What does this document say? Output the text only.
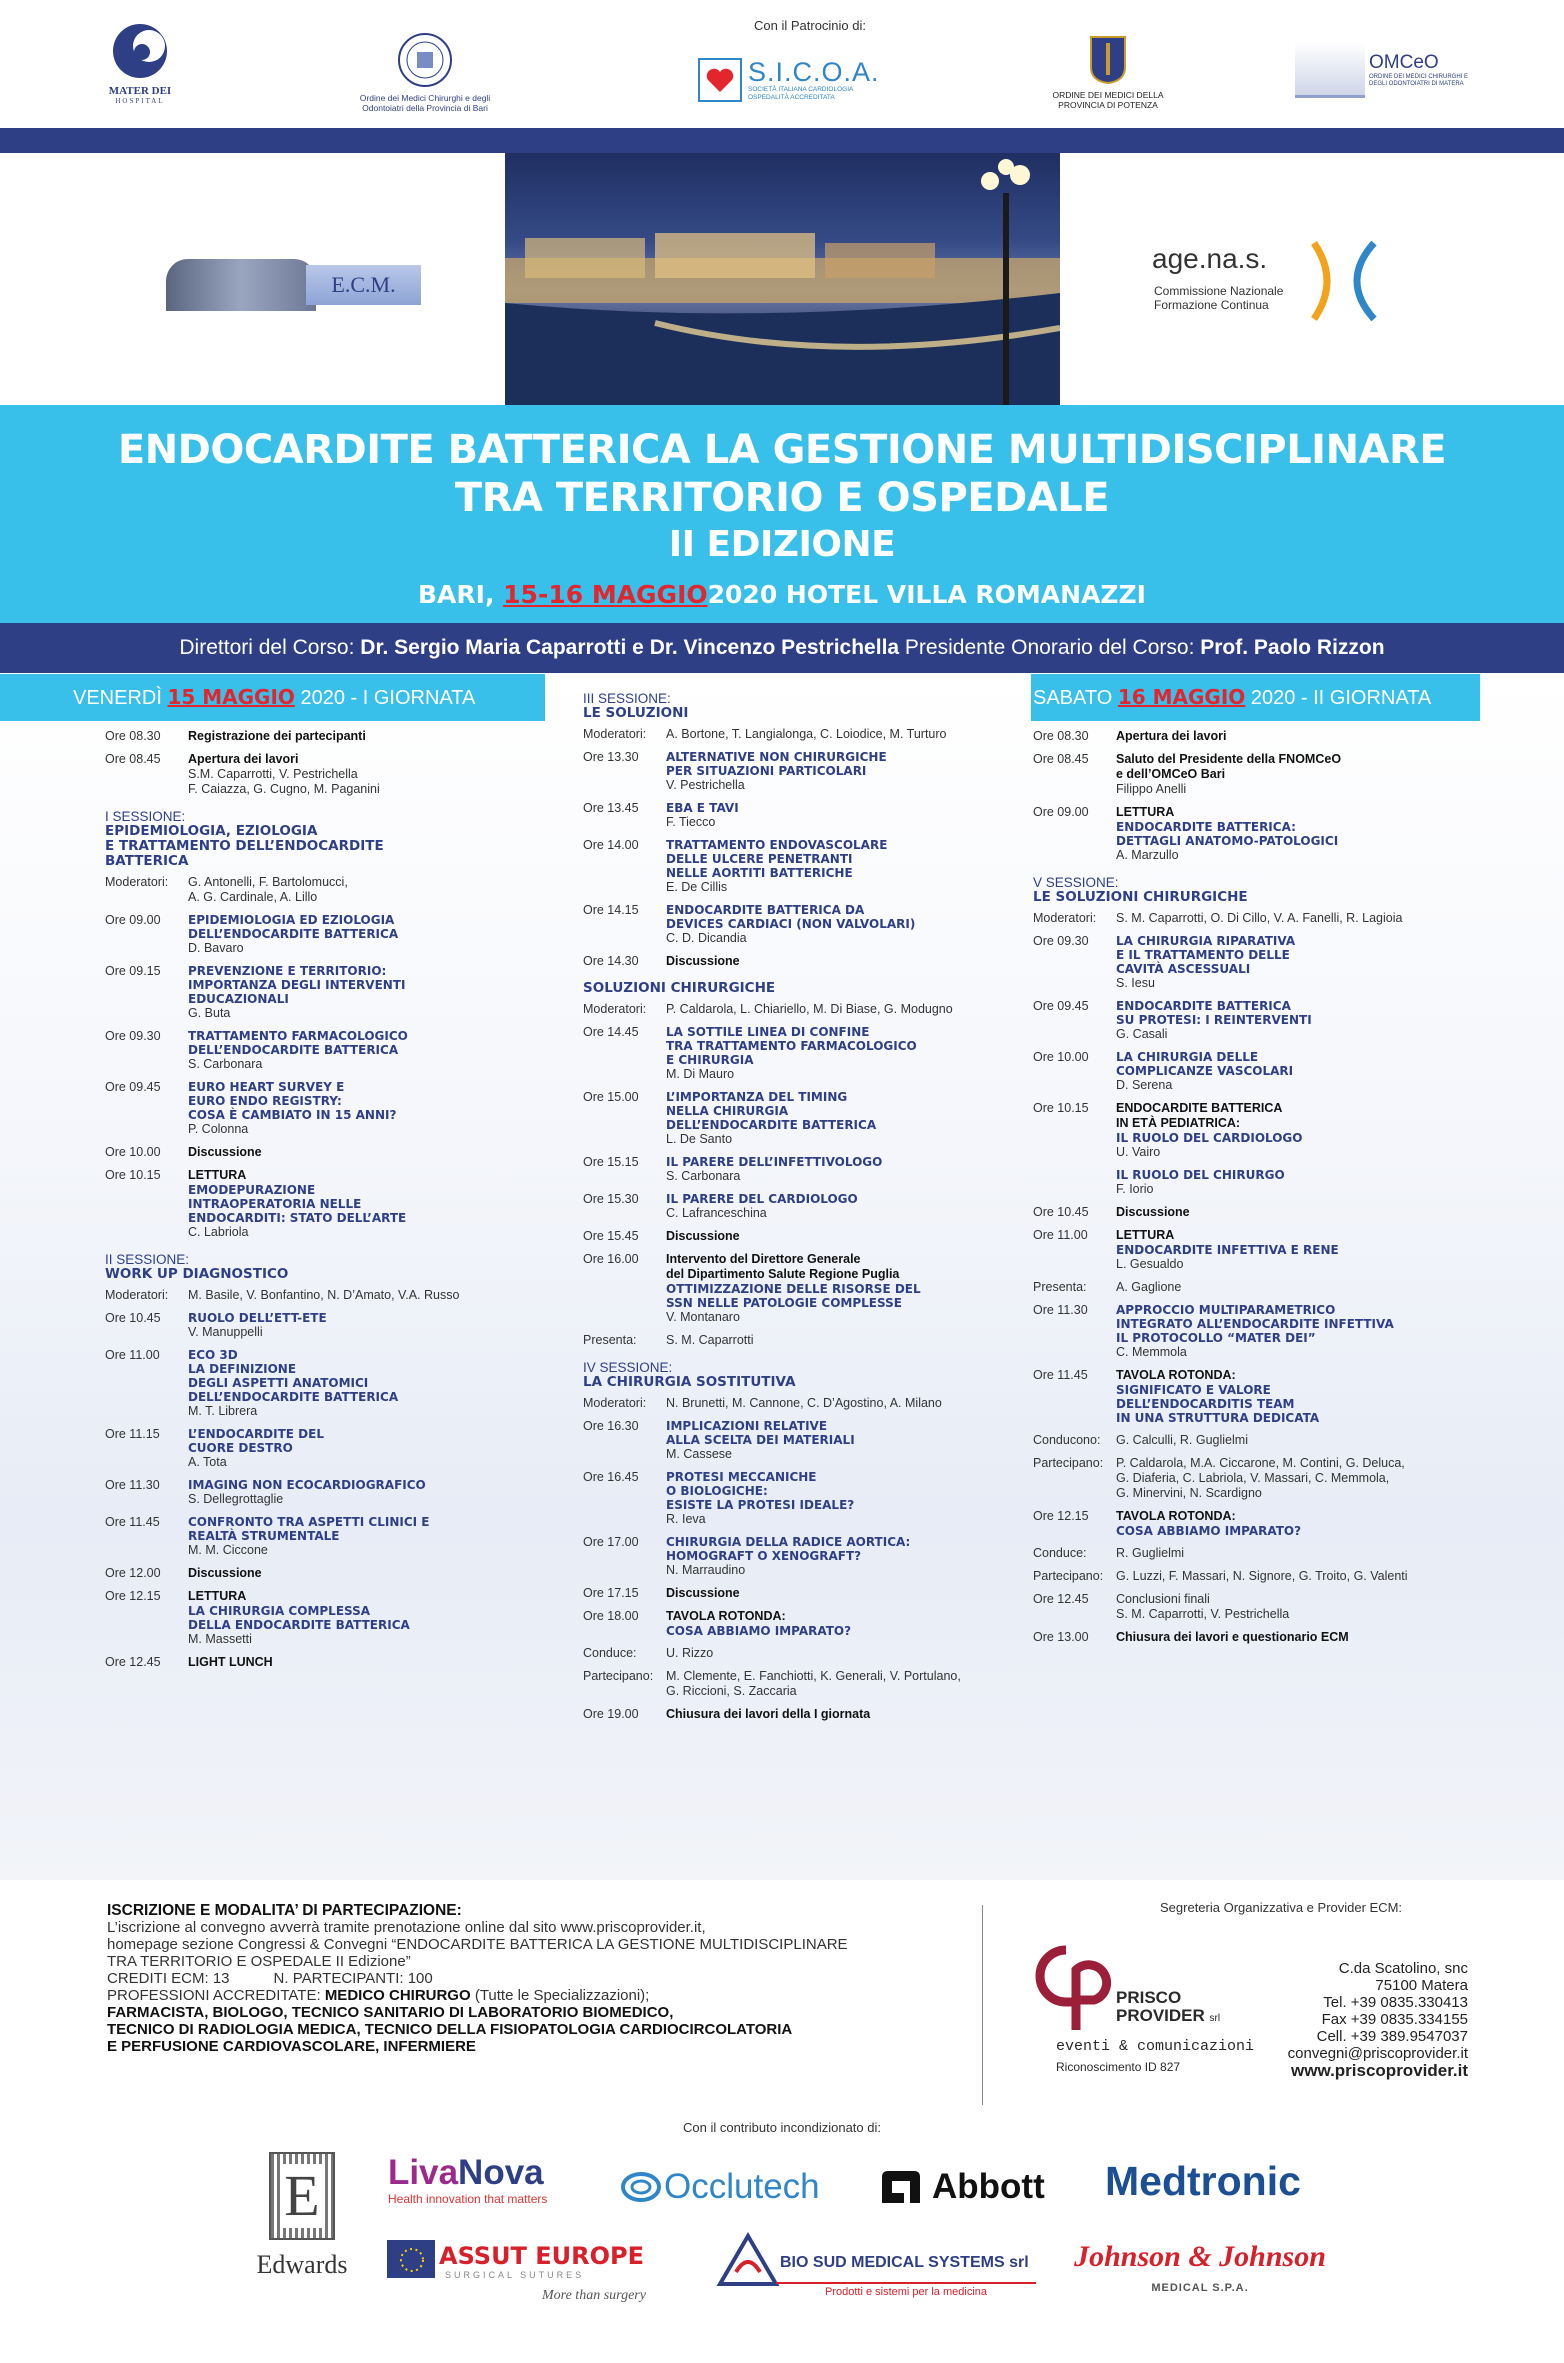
MATER DEI
HOSPITAL	Ordine dei Medici Chirurghi e degli Odontoiatri della Provincia di Bari
Con il Patrocinio di:
S.I.C.O.A.
SOCIETÀ ITALIANA CARDIOLOGIA OSPEDALITÀ ACCREDITATA	ORDINE DEI MEDICI DELLA PROVINCIA DI POTENZA
OMCeO
ORDINE DEI MEDICI CHIRURGHI E DEGLI ODONTOIATRI DI MATERA
E.C.M.
age.na.s.
Commissione Nazionale
Formazione Continua
ENDOCARDITE BATTERICA LA GESTIONE MULTIDISCIPLINARE
TRA TERRITORIO E OSPEDALE
II EDIZIONE
BARI, 15-16 MAGGIO2020 HOTEL VILLA ROMANAZZI
Direttori del Corso: Dr. Sergio Maria Caparrotti e Dr. Vincenzo Pestrichella Presidente Onorario del Corso: Prof. Paolo Rizzon
VENERDÌ 15 MAGGIO 2020 - I GIORNATA
Ore 08.30	Registrazione dei partecipanti
Ore 08.45	Apertura dei lavori
S.M. Caparrotti, V. Pestrichella
F. Caiazza, G. Cugno, M. Paganini
I SESSIONE:
EPIDEMIOLOGIA, EZIOLOGIA
E TRATTAMENTO DELL’ENDOCARDITE
BATTERICA
Moderatori:	G. Antonelli, F. Bartolomucci,
A. G. Cardinale, A. Lillo
Ore 09.00	EPIDEMIOLOGIA ED EZIOLOGIA
DELL’ENDOCARDITE BATTERICA
D. Bavaro
Ore 09.15	PREVENZIONE E TERRITORIO:
IMPORTANZA DEGLI INTERVENTI
EDUCAZIONALI
G. Buta
Ore 09.30	TRATTAMENTO FARMACOLOGICO
DELL’ENDOCARDITE BATTERICA
S. Carbonara
Ore 09.45	EURO HEART SURVEY E
EURO ENDO REGISTRY:
COSA È CAMBIATO IN 15 ANNI?
P. Colonna
Ore 10.00	Discussione
Ore 10.15	LETTURA
EMODEPURAZIONE
INTRAOPERATORIA NELLE
ENDOCARDITI: STATO DELL’ARTE
C. Labriola
II SESSIONE:
WORK UP DIAGNOSTICO
Moderatori:	M. Basile, V. Bonfantino, N. D’Amato, V.A. Russo
Ore 10.45	RUOLO DELL’ETT-ETE
V. Manuppelli
Ore 11.00	ECO 3D
LA DEFINIZIONE
DEGLI ASPETTI ANATOMICI
DELL’ENDOCARDITE BATTERICA
M. T. Librera
Ore 11.15	L’ENDOCARDITE DEL
CUORE DESTRO
A. Tota
Ore 11.30	IMAGING NON ECOCARDIOGRAFICO
S. Dellegrottaglie
Ore 11.45	CONFRONTO TRA ASPETTI CLINICI E
REALTÀ STRUMENTALE
M. M. Ciccone
Ore 12.00	Discussione
Ore 12.15	LETTURA
LA CHIRURGIA COMPLESSA
DELLA ENDOCARDITE BATTERICA
M. Massetti
Ore 12.45	LIGHT LUNCH
III SESSIONE:
LE SOLUZIONI
Moderatori:	A. Bortone, T. Langialonga, C. Loiodice, M. Turturo
Ore 13.30	ALTERNATIVE NON CHIRURGICHE
PER SITUAZIONI PARTICOLARI
V. Pestrichella
Ore 13.45	EBA E TAVI
F. Tiecco
Ore 14.00	TRATTAMENTO ENDOVASCOLARE
DELLE ULCERE PENETRANTI
NELLE AORTITI BATTERICHE
E. De Cillis
Ore 14.15	ENDOCARDITE BATTERICA DA
DEVICES CARDIACI (NON VALVOLARI)
C. D. Dicandia
Ore 14.30	Discussione
SOLUZIONI CHIRURGICHE
Moderatori:	P. Caldarola, L. Chiariello, M. Di Biase, G. Modugno
Ore 14.45	LA SOTTILE LINEA DI CONFINE
TRA TRATTAMENTO FARMACOLOGICO
E CHIRURGIA
M. Di Mauro
Ore 15.00	L’IMPORTANZA DEL TIMING
NELLA CHIRURGIA
DELL’ENDOCARDITE BATTERICA
L. De Santo
Ore 15.15	IL PARERE DELL’INFETTIVOLOGO
S. Carbonara
Ore 15.30	IL PARERE DEL CARDIOLOGO
C. Lafranceschina
Ore 15.45	Discussione
Ore 16.00	Intervento del Direttore Generale
del Dipartimento Salute Regione Puglia
OTTIMIZZAZIONE DELLE RISORSE DEL
SSN NELLE PATOLOGIE COMPLESSE
V. Montanaro
Presenta:	S. M. Caparrotti
IV SESSIONE:
LA CHIRURGIA SOSTITUTIVA
Moderatori:	N. Brunetti, M. Cannone, C. D’Agostino, A. Milano
Ore 16.30	IMPLICAZIONI RELATIVE
ALLA SCELTA DEI MATERIALI
M. Cassese
Ore 16.45	PROTESI MECCANICHE
O BIOLOGICHE:
ESISTE LA PROTESI IDEALE?
R. Ieva
Ore 17.00	CHIRURGIA DELLA RADICE AORTICA:
HOMOGRAFT O XENOGRAFT?
N. Marraudino
Ore 17.15	Discussione
Ore 18.00	TAVOLA ROTONDA:
COSA ABBIAMO IMPARATO?
Conduce:	U. Rizzo
Partecipano:	M. Clemente, E. Fanchiotti, K. Generali, V. Portulano,
G. Riccioni, S. Zaccaria
Ore 19.00	Chiusura dei lavori della I giornata
SABATO 16 MAGGIO 2020 - II GIORNATA
Ore 08.30	Apertura dei lavori
Ore 08.45	Saluto del Presidente della FNOMCeO
e dell’OMCeO Bari
Filippo Anelli
Ore 09.00	LETTURA
ENDOCARDITE BATTERICA:
DETTAGLI ANATOMO-PATOLOGICI
A. Marzullo
V SESSIONE:
LE SOLUZIONI CHIRURGICHE
Moderatori:	S. M. Caparrotti, O. Di Cillo, V. A. Fanelli, R. Lagioia
Ore 09.30	LA CHIRURGIA RIPARATIVA
E IL TRATTAMENTO DELLE
CAVITÀ ASCESSUALI
S. Iesu
Ore 09.45	ENDOCARDITE BATTERICA
SU PROTESI: I REINTERVENTI
G. Casali
Ore 10.00	LA CHIRURGIA DELLE
COMPLICANZE VASCOLARI
D. Serena
Ore 10.15	ENDOCARDITE BATTERICA
IN ETÀ PEDIATRICA:
IL RUOLO DEL CARDIOLOGO
U. Vairo
IL RUOLO DEL CHIRURGO
F. Iorio
Ore 10.45	Discussione
Ore 11.00	LETTURA
ENDOCARDITE INFETTIVA E RENE
L. Gesualdo
Presenta:	A. Gaglione
Ore 11.30	APPROCCIO MULTIPARAMETRICO
INTEGRATO ALL’ENDOCARDITE INFETTIVA
IL PROTOCOLLO “MATER DEI”
C. Memmola
Ore 11.45	TAVOLA ROTONDA:
SIGNIFICATO E VALORE
DELL’ENDOCARDITIS TEAM
IN UNA STRUTTURA DEDICATA
Conducono:	G. Calculli, R. Guglielmi
Partecipano:	P. Caldarola, M.A. Ciccarone, M. Contini, G. Deluca,
G. Diaferia, C. Labriola, V. Massari, C. Memmola,
G. Minervini, N. Scardigno
Ore 12.15	TAVOLA ROTONDA:
COSA ABBIAMO IMPARATO?
Conduce:	R. Guglielmi
Partecipano:	G. Luzzi, F. Massari, N. Signore, G. Troito, G. Valenti
Ore 12.45	Conclusioni finali
S. M. Caparrotti, V. Pestrichella
Ore 13.00	Chiusura dei lavori e questionario ECM
ISCRIZIONE E MODALITA’ DI PARTECIPAZIONE:
L’iscrizione al convegno avverrà tramite prenotazione online dal sito www.priscoprovider.it,
homepage sezione Congressi & Convegni “ENDOCARDITE BATTERICA LA GESTIONE MULTIDISCIPLINARE
TRA TERRITORIO E OSPEDALE II Edizione”
CREDITI ECM: 13	N. PARTECIPANTI: 100
PROFESSIONI ACCREDITATE: MEDICO CHIRURGO (Tutte le Specializzazioni);
FARMACISTA, BIOLOGO, TECNICO SANITARIO DI LABORATORIO BIOMEDICO,
TECNICO DI RADIOLOGIA MEDICA, TECNICO DELLA FISIOPATOLOGIA CARDIOCIRCOLATORIA
E PERFUSIONE CARDIOVASCOLARE, INFERMIERE
Segreteria Organizzativa e Provider ECM:
PRISCO
PROVIDER srl
eventi & comunicazioni
Riconoscimento ID 827
C.da Scatolino, snc
75100 Matera
Tel. +39 0835.330413
Fax +39 0835.334155
Cell. +39 389.9547037
convegni@priscoprovider.it
www.priscoprovider.it
Con il contributo incondizionato di:
E
Edwards
LivaNova
Health innovation that matters	Occlutech	Abbott Medtronic
ASSUT EUROPE
SURGICAL SUTURES
More than surgery
BIO SUD MEDICAL SYSTEMS srl
Prodotti e sistemi per la medicina
Johnson & Johnson
MEDICAL S.P.A.
